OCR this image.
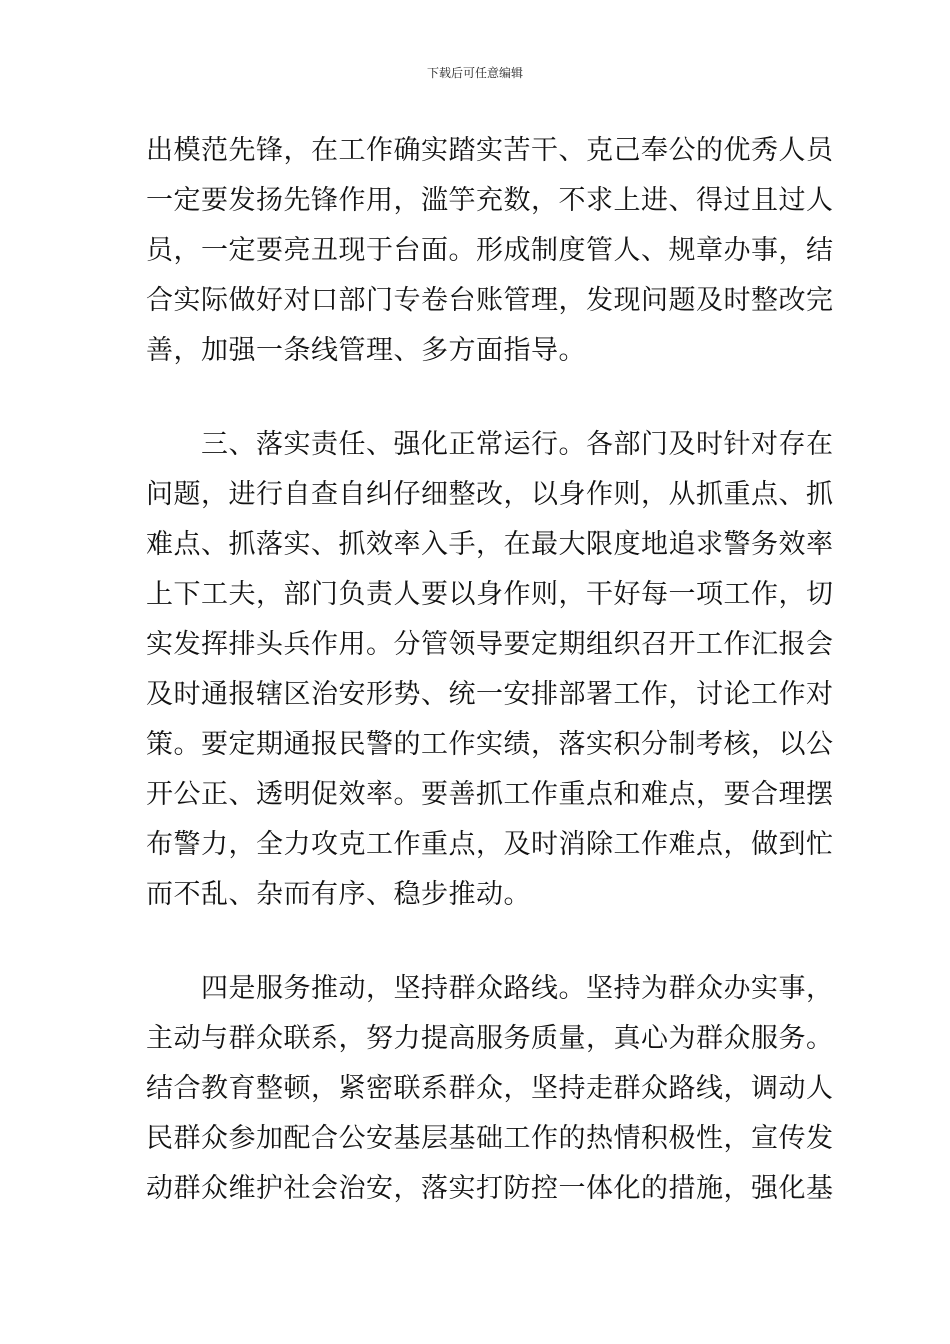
下载后可任意编辑
出模范先锋，在工作确实踏实苦干、克己奉公的优秀人员
一定要发扬先锋作用，滥竽充数，不求上进、得过且过人
员，一定要亮丑现于台面。形成制度管人、规章办事，结
合实际做好对口部门专卷台账管理，发现问题及时整改完
善，加强一条线管理、多方面指导。
　　三、落实责任、强化正常运行。各部门及时针对存在
问题，进行自查自纠仔细整改，以身作则，从抓重点、抓
难点、抓落实、抓效率入手，在最大限度地追求警务效率
上下工夫，部门负责人要以身作则，干好每一项工作，切
实发挥排头兵作用。分管领导要定期组织召开工作汇报会
及时通报辖区治安形势、统一安排部署工作，讨论工作对
策。要定期通报民警的工作实绩，落实积分制考核，以公
开公正、透明促效率。要善抓工作重点和难点，要合理摆
布警力，全力攻克工作重点，及时消除工作难点，做到忙
而不乱、杂而有序、稳步推动。
　　四是服务推动，坚持群众路线。坚持为群众办实事，
主动与群众联系，努力提高服务质量，真心为群众服务。
结合教育整顿，紧密联系群众，坚持走群众路线，调动人
民群众参加配合公安基层基础工作的热情积极性，宣传发
动群众维护社会治安，落实打防控一体化的措施，强化基
